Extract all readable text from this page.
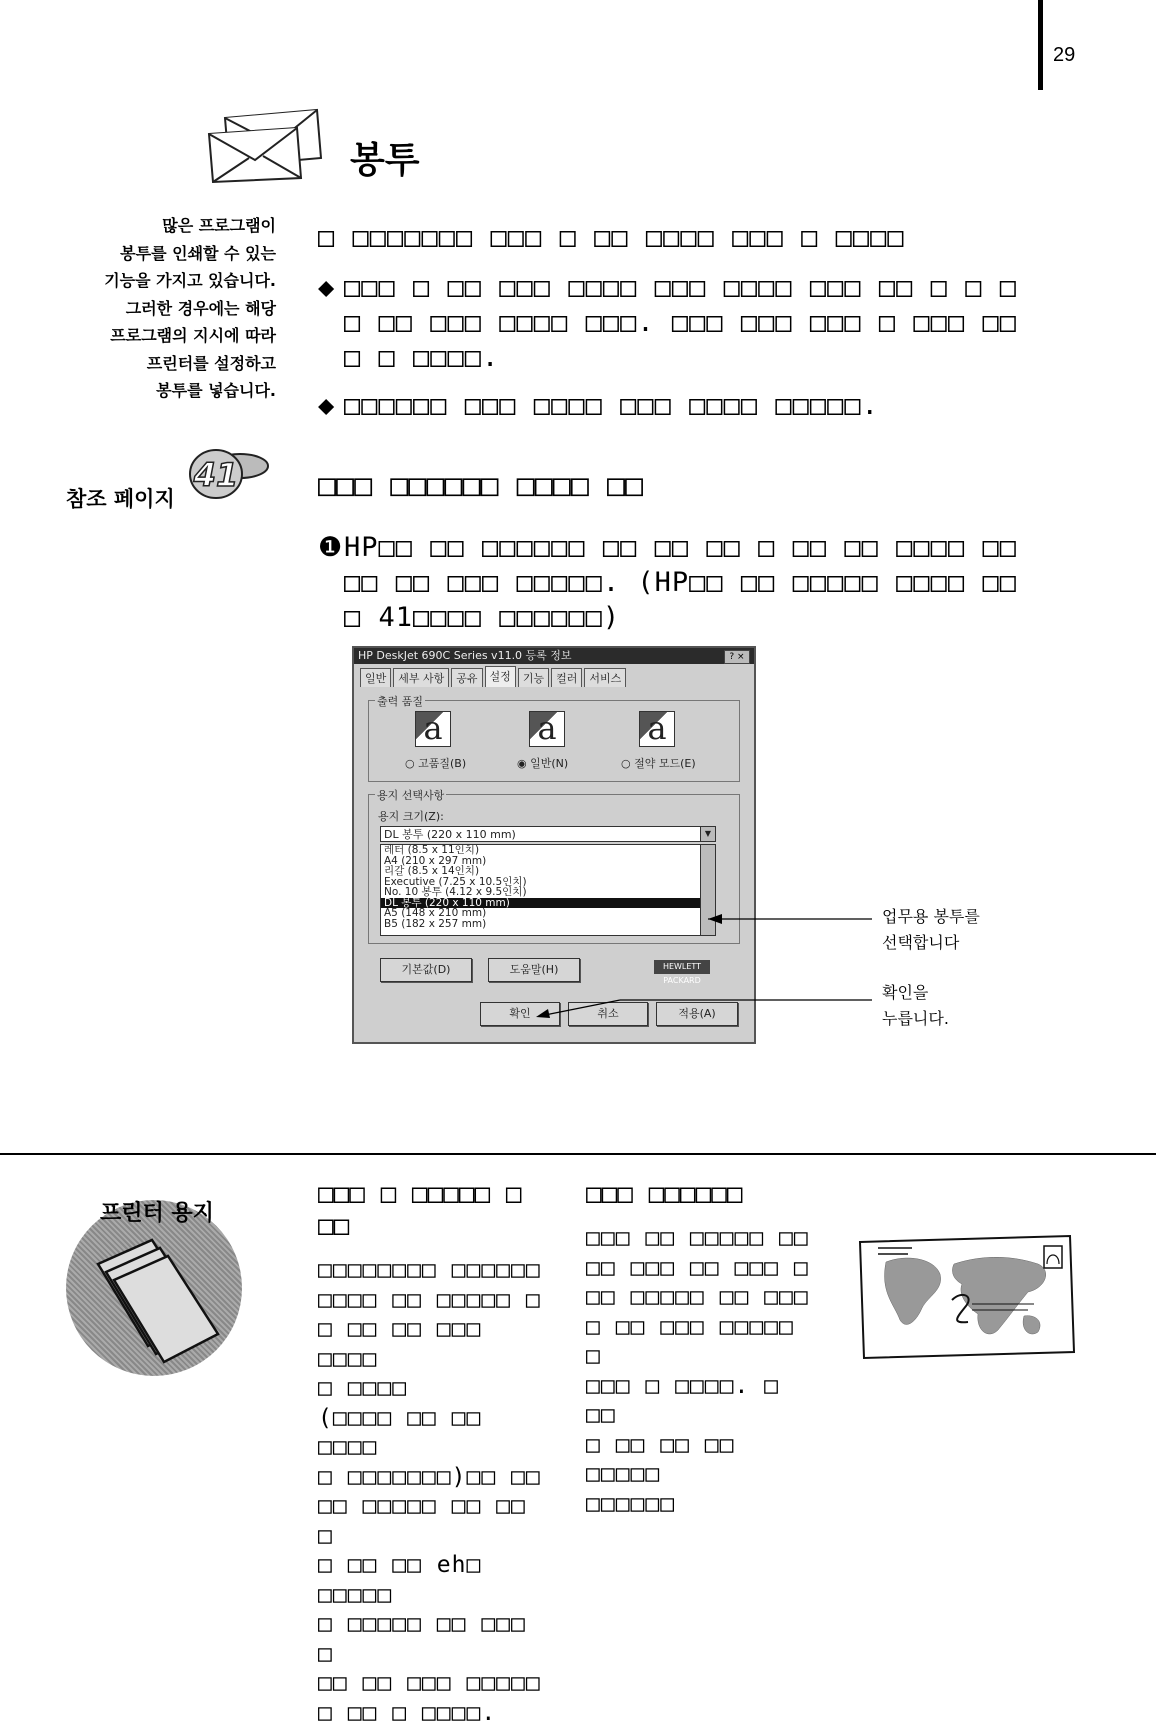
29
봉투
많은 프로그램이
봉투를 인쇄할 수 있는
기능을 가지고 있습니다.
그러한 경우에는 해당
프로그램의 지시에 따라
프린터를 설정하고
봉투를 넣습니다.
□ □□□□□□□ □□□ □ □□ □□□□ □□□ □ □□□□
◆ □□□ □ □□ □□□ □□□□ □□□ □□□□ □□□ □□ □ □ □
□ □□ □□□ □□□□ □□□. □□□ □□□ □□□ □ □□□ □□
□ □ □□□□.
◆ □□□□□□ □□□ □□□□ □□□ □□□□ □□□□□.
참조 페이지
41	□□□ □□□□□□ □□□□ □□
❶ HP□□ □□ □□□□□□ □□ □□ □□ □ □□ □□ □□□□ □□
□□ □□ □□□ □□□□□. (HP□□ □□ □□□□□ □□□□ □□
□ 41□□□□ □□□□□□)
HP DeskJet 690C Series v11.0 등록 정보	? ×
일반	세부 사항	공유	설정	기능	컬러	서비스
출력 품질
a	a	a
○ 고품질(B)	◉ 일반(N)	○ 절약 모드(E)
용지 선택사항
용지 크기(Z):
DL 봉투 (220 x 110 mm)	▼
레터 (8.5 x 11인치)
A4 (210 x 297 mm)
리갈 (8.5 x 14인치)
Executive (7.25 x 10.5인치)
No. 10 봉투 (4.12 x 9.5인치)
DL 봉투 (220 x 110 mm)
A5 (148 x 210 mm)
B5 (182 x 257 mm)
기본값(D)	도움말(H)	HEWLETT PACKARD
확인	취소	적용(A)
업무용 봉투를
선택합니다
확인을
누릅니다.
프린터 용지
□□□ □ □□□□□ □
□□
□□□□□□□□ □□□□□□
□□□□ □□ □□□□□ □
□ □□ □□ □□□ □□□□
□ □□□□
(□□□□ □□ □□ □□□□
□ □□□□□□□)□□ □□
□□ □□□□□ □□ □□ □
□ □□ □□ eh□ □□□□□
□ □□□□□ □□ □□□ □
□□ □□ □□□ □□□□□
□ □□ □ □□□□.
□□□ □□□□□□
□□□ □□ □□□□□ □□
□□ □□□ □□ □□□ □
□□ □□□□□ □□ □□□
□ □□ □□□ □□□□□ □
□□□ □ □□□□. □ □□
□ □□ □□ □□ □□□□□
□□□□□□
